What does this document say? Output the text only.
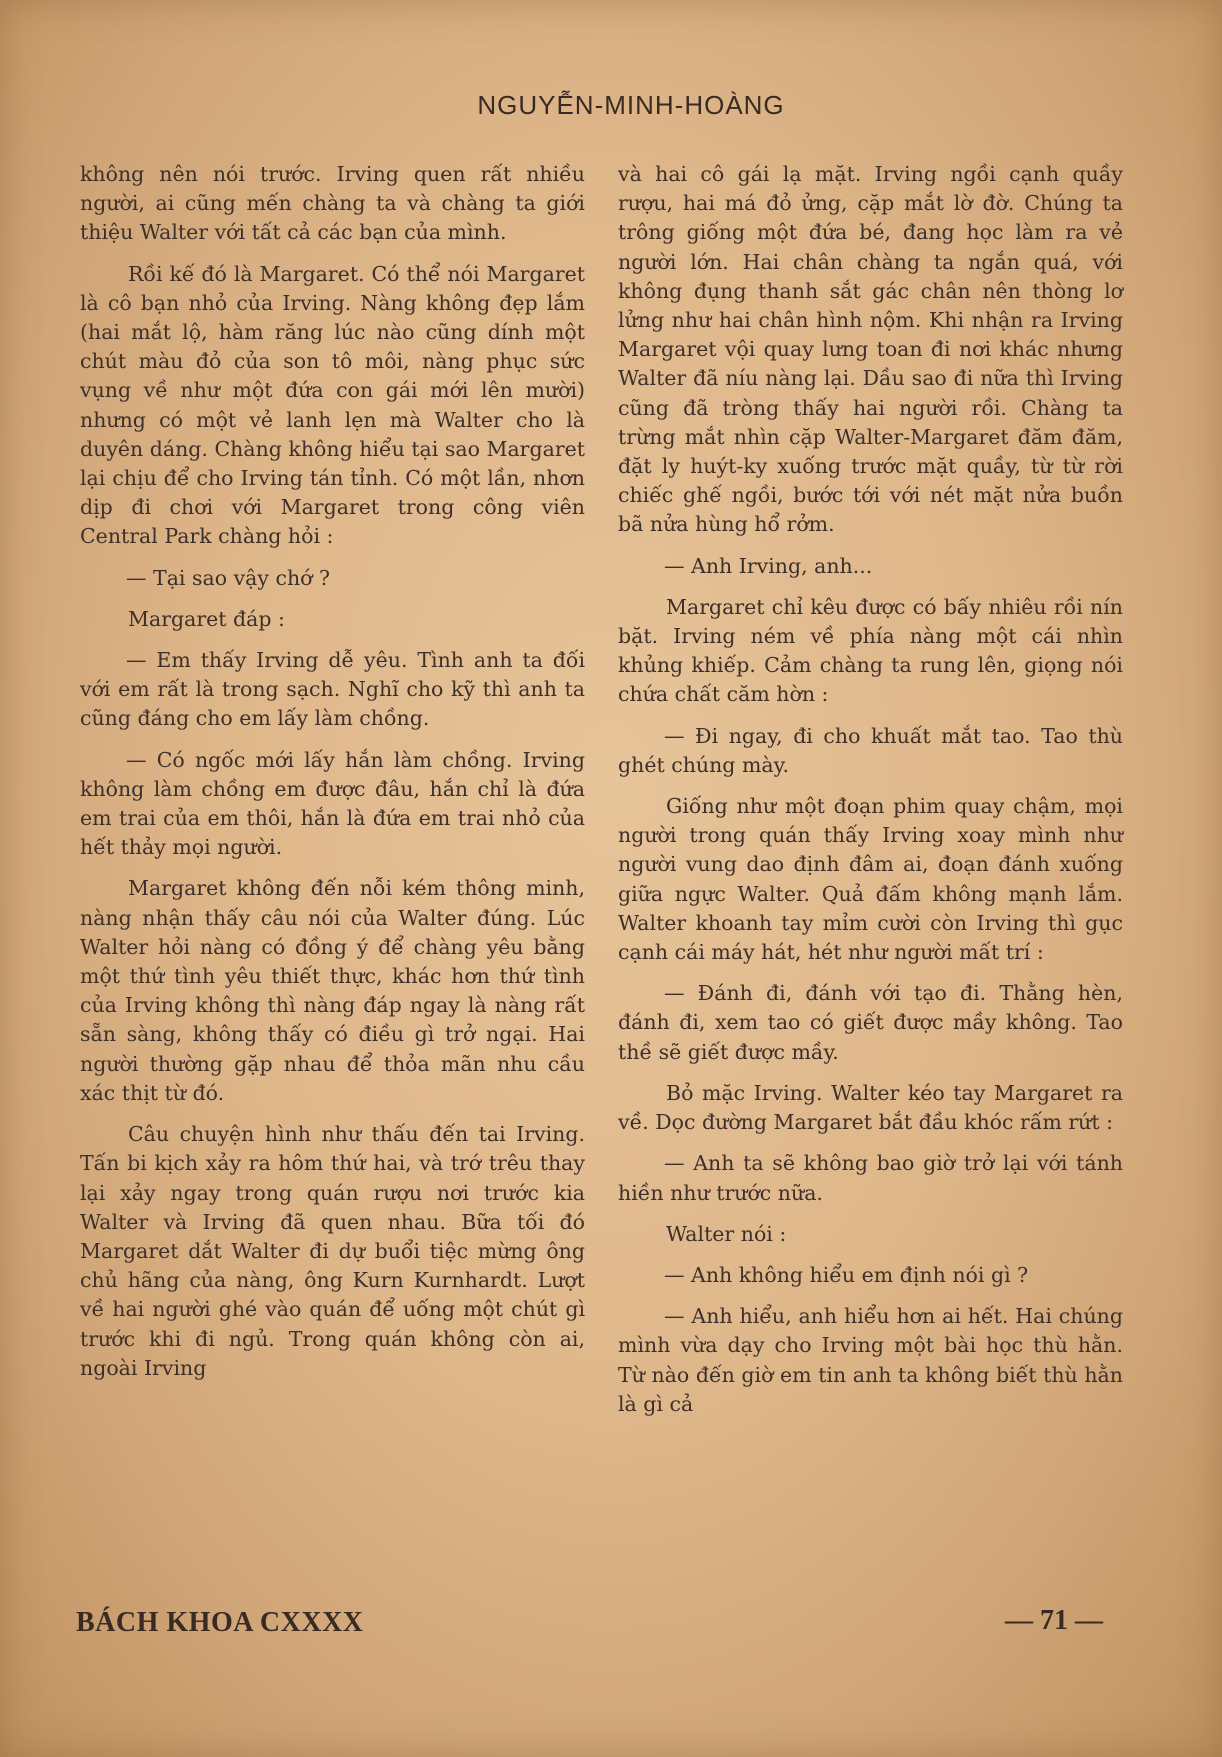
NGUYỄN-MINH-HOÀNG

không nên nói trước. Irving quen rất nhiều người, ai cũng mến chàng ta và chàng ta giới thiệu Walter với tất cả các bạn của mình.

Rồi kế đó là Margaret. Có thể nói Margaret là cô bạn nhỏ của Irving. Nàng không đẹp lắm (hai mắt lộ, hàm răng lúc nào cũng dính một chút màu đỏ của son tô môi, nàng phục sức vụng về như một đứa con gái mới lên mười) nhưng có một vẻ lanh lẹn mà Walter cho là duyên dáng. Chàng không hiểu tại sao Margaret lại chịu để cho Irving tán tỉnh. Có một lần, nhơn dịp đi chơi với Margaret trong công viên Central Park chàng hỏi :

— Tại sao vậy chớ ?

Margaret đáp :

— Em thấy Irving dễ yêu. Tình anh ta đối với em rất là trong sạch. Nghĩ cho kỹ thì anh ta cũng đáng cho em lấy làm chồng.

— Có ngốc mới lấy hắn làm chồng. Irving không làm chồng em được đâu, hắn chỉ là đứa em trai của em thôi, hắn là đứa em trai nhỏ của hết thảy mọi người.

Margaret không đến nỗi kém thông minh, nàng nhận thấy câu nói của Walter đúng. Lúc Walter hỏi nàng có đồng ý để chàng yêu bằng một thứ tình yêu thiết thực, khác hơn thứ tình của Irving không thì nàng đáp ngay là nàng rất sẵn sàng, không thấy có điều gì trở ngại. Hai người thường gặp nhau để thỏa mãn nhu cầu xác thịt từ đó.

Câu chuyện hình như thấu đến tai Irving. Tấn bi kịch xảy ra hôm thứ hai, và trớ trêu thay lại xảy ngay trong quán rượu nơi trước kia Walter và Irving đã quen nhau. Bữa tối đó Margaret dắt Walter đi dự buổi tiệc mừng ông chủ hãng của nàng, ông Kurn Kurnhardt. Lượt về hai người ghé vào quán để uống một chút gì trước khi đi ngủ. Trong quán không còn ai, ngoài Irving

và hai cô gái lạ mặt. Irving ngồi cạnh quầy rượu, hai má đỏ ửng, cặp mắt lờ đờ. Chúng ta trông giống một đứa bé, đang học làm ra vẻ người lớn. Hai chân chàng ta ngắn quá, với không đụng thanh sắt gác chân nên thòng lơ lửng như hai chân hình nộm. Khi nhận ra Irving Margaret vội quay lưng toan đi nơi khác nhưng Walter đã níu nàng lại. Dầu sao đi nữa thì Irving cũng đã tròng thấy hai người rồi. Chàng ta trừng mắt nhìn cặp Walter-Margaret đăm đăm, đặt ly huýt-ky xuống trước mặt quầy, từ từ rời chiếc ghế ngồi, bước tới với nét mặt nửa buồn bã nửa hùng hổ rởm.

— Anh Irving, anh...

Margaret chỉ kêu được có bấy nhiêu rồi nín bặt. Irving ném về phía nàng một cái nhìn khủng khiếp. Cảm chàng ta rung lên, giọng nói chứa chất căm hờn :

— Đi ngay, đi cho khuất mắt tao. Tao thù ghét chúng mày.

Giống như một đoạn phim quay chậm, mọi người trong quán thấy Irving xoay mình như người vung dao định đâm ai, đoạn đánh xuống giữa ngực Walter. Quả đấm không mạnh lắm. Walter khoanh tay mỉm cười còn Irving thì gục cạnh cái máy hát, hét như người mất trí :

— Đánh đi, đánh với tạo đi. Thằng hèn, đánh đi, xem tao có giết được mầy không. Tao thề sẽ giết được mầy.

Bỏ mặc Irving. Walter kéo tay Margaret ra về. Dọc đường Margaret bắt đầu khóc rấm rứt :

— Anh ta sẽ không bao giờ trở lại với tánh hiền như trước nữa.

Walter nói :

— Anh không hiểu em định nói gì ?

— Anh hiểu, anh hiểu hơn ai hết. Hai chúng mình vừa dạy cho Irving một bài học thù hằn. Từ nào đến giờ em tin anh ta không biết thù hằn là gì cả

BÁCH KHOA CXXXX	— 71 —
